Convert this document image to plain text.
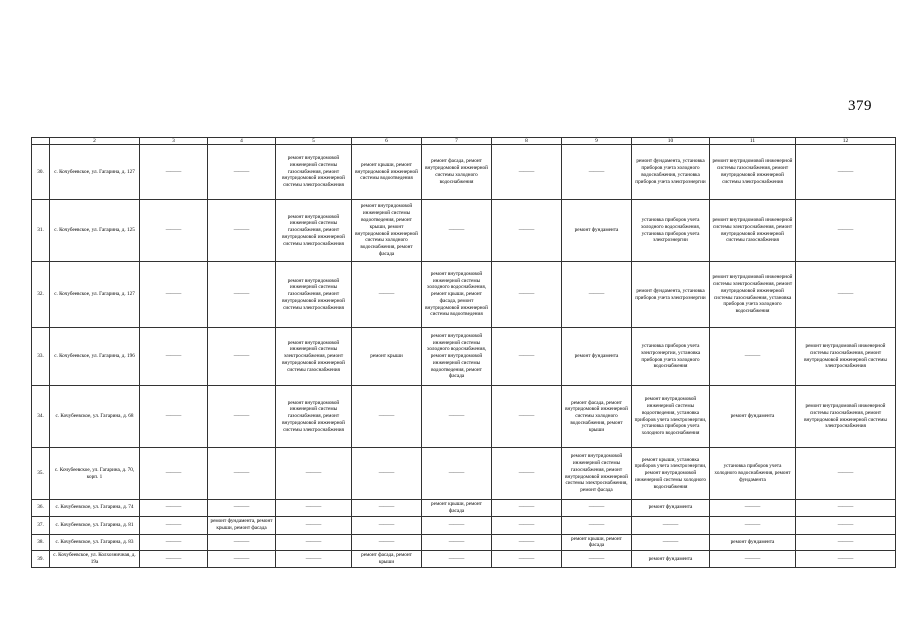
379
	2	3	4	5	6	7	8	9	10	11	12
30.	с. Кочубеевское, ул. Гагарина, д. 127	———	———	ремонт внутридомовой инженерной системы газоснабжения, ремонт внутридомовой инженерной системы электроснабжения	ремонт крыши, ремонт внутридомовой инженерной системы водоотведения	ремонт фасада, ремонт внутридомовой инженерной системы холодного водоснабжения	———	———	ремонт фундамента, установка приборов учета холодного водоснабжения, установка приборов учета электроэнергии	ремонт внутридомовой инженерной системы газоснабжения, ремонт внутридомовой инженерной системы электроснабжения	———
31.	с. Кочубеевское, ул. Гагарина, д. 125	———	———	ремонт внутридомовой инженерной системы газоснабжения, ремонт внутридомовой инженерной системы электроснабжения	ремонт внутридомовой инженерной системы водоотведения, ремонт крыши, ремонт внутридомовой инженерной системы холодного водоснабжения, ремонт фасада	———	———	ремонт фундамента	установка приборов учета холодного водоснабжения, установка приборов учета электроэнергии	ремонт внутридомовой инженерной системы электроснабжения, ремонт внутридомовой инженерной системы газоснабжения	———
32.	с. Кочубеевское, ул. Гагарина, д. 127	———	———	ремонт внутридомовой инженерной системы газоснабжения, ремонт внутридомовой инженерной системы электроснабжения	———	ремонт внутридомовой инженерной системы холодного водоснабжения, ремонт крыши, ремонт фасада, ремонт внутридомовой инженерной системы водоотведения	———	———	ремонт фундамента, установка приборов учета электроэнергии	ремонт внутридомовой инженерной системы электроснабжения, ремонт внутридомовой инженерной системы газоснабжения, установка приборов учета холодного водоснабжения	———
33.	с. Кочубеевское, ул. Гагарина, д. 196	———	———	ремонт внутридомовой инженерной системы электроснабжения, ремонт внутридомовой инженерной системы газоснабжения	ремонт крыши	ремонт внутридомовой инженерной системы холодного водоснабжения, ремонт внутридомовой инженерной системы водоотведения, ремонт фасада	———	ремонт фундамента	установка приборов учета электроэнергии, установка приборов учета холодного водоснабжения	———	ремонт внутридомовой инженерной системы газоснабжения, ремонт внутридомовой инженерной системы электроснабжения
34.	с. Кочубеевское, ул. Гагарина, д. 68	———	———	ремонт внутридомовой инженерной системы газоснабжения, ремонт внутридомовой инженерной системы электроснабжения	———	———	———	ремонт фасада, ремонт внутридомовой инженерной системы холодного водоснабжения, ремонт крыши	ремонт внутридомовой инженерной системы водоотведения, установка приборов учета электроэнергии, установка приборов учета холодного водоснабжения	ремонт фундамента	ремонт внутридомовой инженерной системы газоснабжения, ремонт внутридомовой инженерной системы электроснабжения
35.	с. Кочубеевское, ул. Гагарина, д. 70, корп. 1	———	———	———	———	———	———	ремонт внутридомовой инженерной системы газоснабжения, ремонт внутридомовой инженерной системы электроснабжения, ремонт фасада	ремонт крыши, установка приборов учета электроэнергии, ремонт внутридомовой инженерной системы холодного водоснабжения	установка приборов учета холодного водоснабжения, ремонт фундамента	———
36.	с. Кочубеевское, ул. Гагарина, д. 74	———	———	———	———	ремонт крыши, ремонт фасада	———	———	ремонт фундамента	———	———
37.	с. Кочубеевское, ул. Гагарина, д. 81	———	ремонт фундамента, ремонт крыши, ремонт фасада	———	———	———	———	———	———	———	———
38.	с. Кочубеевское, ул. Гагарина, д. 83	———	———	———	———	———	———	ремонт крыши, ремонт фасада	———	ремонт фундамента	———
39.	с. Кочубеевское, ул. Колхозничная, д. 19а	———	———	———	ремонт фасада, ремонт крыши	———	———	———	ремонт фундамента	———	———
